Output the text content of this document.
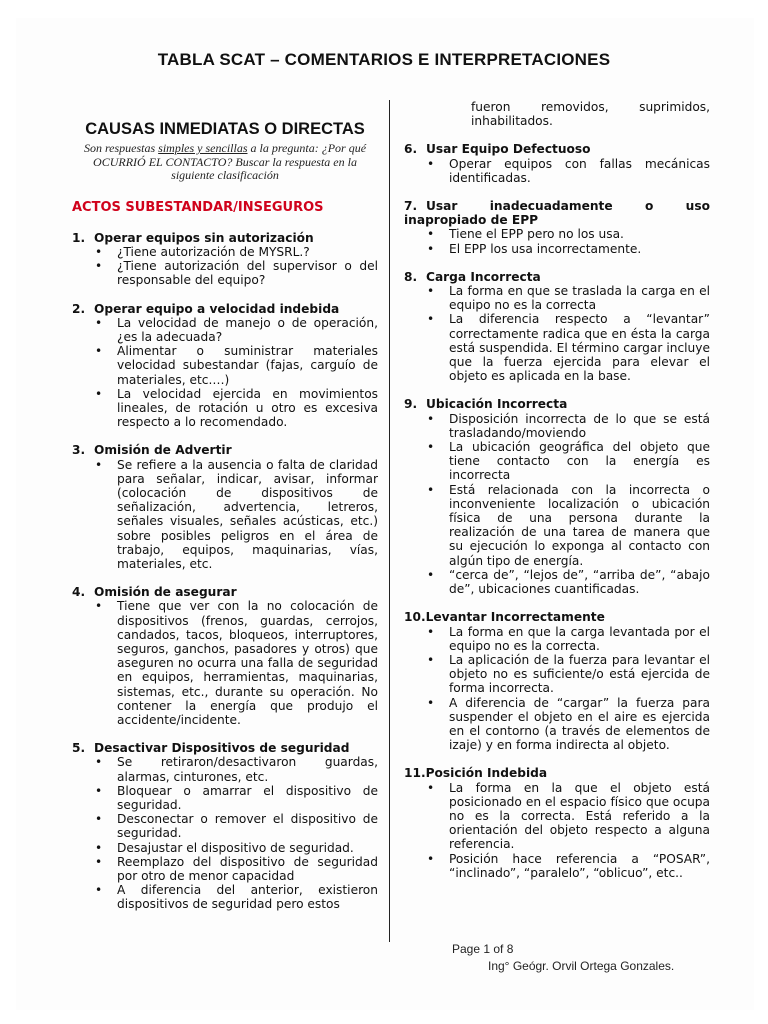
TABLA SCAT – COMENTARIOS E INTERPRETACIONES
CAUSAS INMEDIATAS O DIRECTAS
Son respuestas simples y sencillas a la pregunta: ¿Por qué OCURRIÓ EL CONTACTO? Buscar la respuesta en la siguiente clasificación
ACTOS SUBESTANDAR/INSEGUROS
1. Operar equipos sin autorización
• ¿Tiene autorización de MYSRL.?
• ¿Tiene autorización del supervisor o del responsable del equipo?
2. Operar equipo a velocidad indebida
• La velocidad de manejo o de operación, ¿es la adecuada?
• Alimentar o suministrar materiales velocidad subestandar (fajas, carguío de materiales, etc.…)
• La velocidad ejercida en movimientos lineales, de rotación u otro es excesiva respecto a lo recomendado.
3. Omisión de Advertir
• Se refiere a la ausencia o falta de claridad para señalar, indicar, avisar, informar (colocación de dispositivos de señalización, advertencia, letreros, señales visuales, señales acústicas, etc.) sobre posibles peligros en el área de trabajo, equipos, maquinarias, vías, materiales, etc.
4. Omisión de asegurar
• Tiene que ver con la no colocación de dispositivos (frenos, guardas, cerrojos, candados, tacos, bloqueos, interruptores, seguros, ganchos, pasadores y otros) que aseguren no ocurra una falla de seguridad en equipos, herramientas, maquinarias, sistemas, etc., durante su operación. No contener la energía que produjo el accidente/incidente.
5. Desactivar Dispositivos de seguridad
• Se retiraron/desactivaron guardas, alarmas, cinturones, etc.
• Bloquear o amarrar el dispositivo de seguridad.
• Desconectar o remover el dispositivo de seguridad.
• Desajustar el dispositivo de seguridad.
• Reemplazo del dispositivo de seguridad por otro de menor capacidad
• A diferencia del anterior, existieron dispositivos de seguridad pero estos
fueron removidos, suprimidos, inhabilitados.
6. Usar Equipo Defectuoso
• Operar equipos con fallas mecánicas identificadas.
7. Usar	inadecuadamente	o	uso
inapropiado de EPP
• Tiene el EPP pero no los usa.
• El EPP los usa incorrectamente.
8. Carga Incorrecta
• La forma en que se traslada la carga en el equipo no es la correcta
• La diferencia respecto a “levantar” correctamente radica que en ésta la carga está suspendida. El término cargar incluye que la fuerza ejercida para elevar el objeto es aplicada en la base.
9. Ubicación Incorrecta
• Disposición incorrecta de lo que se está trasladando/moviendo
• La ubicación geográfica del objeto que tiene contacto con la energía es incorrecta
• Está relacionada con la incorrecta o inconveniente localización o ubicación física de una persona durante la realización de una tarea de manera que su ejecución lo exponga al contacto con algún tipo de energía.
• “cerca de”, “lejos de”, “arriba de”, “abajo de”, ubicaciones cuantificadas.
10. Levantar Incorrectamente
• La forma en que la carga levantada por el equipo no es la correcta.
• La aplicación de la fuerza para levantar el objeto no es suficiente/o está ejercida de forma incorrecta.
• A diferencia de “cargar” la fuerza para suspender el objeto en el aire es ejercida en el contorno (a través de elementos de izaje) y en forma indirecta al objeto.
11. Posición Indebida
• La forma en la que el objeto está posicionado en el espacio físico que ocupa no es la correcta. Está referido a la orientación del objeto respecto a alguna referencia.
• Posición hace referencia a “POSAR”, “inclinado”, “paralelo”, “oblicuo”, etc..
Page 1 of 8
Ing° Geógr. Orvil Ortega Gonzales.
